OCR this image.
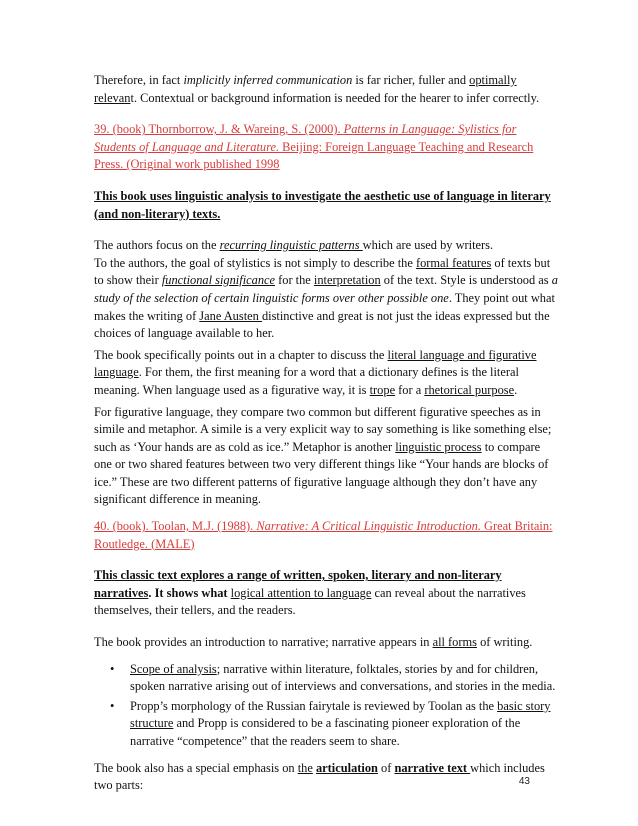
Therefore, in fact implicitly inferred communication is far richer, fuller and optimally relevant. Contextual or background information is needed for the hearer to infer correctly.

39. (book) Thornborrow, J. & Wareing, S. (2000). Patterns in Language: Sylistics for Students of Language and Literature. Beijing: Foreign Language Teaching and Research Press. (Original work published 1998

This book uses linguistic analysis to investigate the aesthetic use of language in literary (and non-literary) texts.

The authors focus on the recurring linguistic patterns which are used by writers.
To the authors, the goal of stylistics is not simply to describe the formal features of texts but to show their functional significance for the interpretation of the text. Style is understood as a study of the selection of certain linguistic forms over other possible one. They point out what makes the writing of Jane Austen distinctive and great is not just the ideas expressed but the choices of language available to her.

The book specifically points out in a chapter to discuss the literal language and figurative language. For them, the first meaning for a word that a dictionary defines is the literal meaning. When language used as a figurative way, it is trope for a rhetorical purpose.

For figurative language, they compare two common but different figurative speeches as in simile and metaphor. A simile is a very explicit way to say something is like something else; such as ‘Your hands are as cold as ice.” Metaphor is another linguistic process to compare one or two shared features between two very different things like “Your hands are blocks of ice.” These are two different patterns of figurative language although they don’t have any significant difference in meaning.

40. (book). Toolan, M.J. (1988). Narrative: A Critical Linguistic Introduction. Great Britain: Routledge. (MALE)

This classic text explores a range of written, spoken, literary and non-literary narratives. It shows what logical attention to language can reveal about the narratives themselves, their tellers, and the readers.

The book provides an introduction to narrative; narrative appears in all forms of writing.

• Scope of analysis; narrative within literature, folktales, stories by and for children, spoken narrative arising out of interviews and conversations, and stories in the media.
• Propp’s morphology of the Russian fairytale is reviewed by Toolan as the basic story structure and Propp is considered to be a fascinating pioneer exploration of the narrative “competence” that the readers seem to share.

The book also has a special emphasis on the articulation of narrative text which includes two parts:	43
